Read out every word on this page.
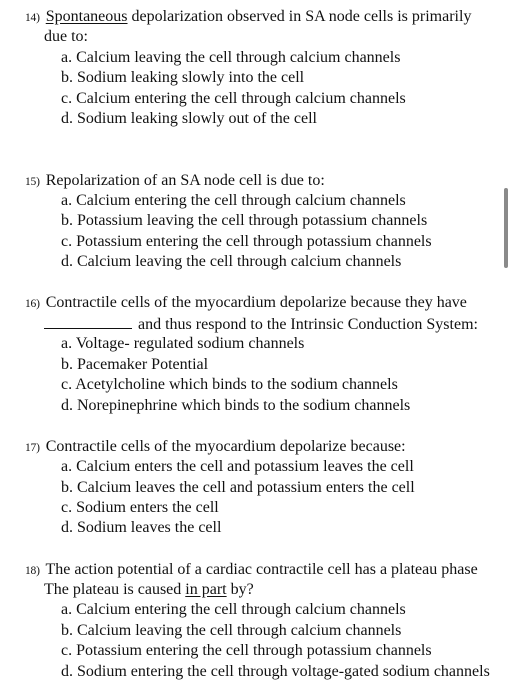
14) Spontaneous depolarization observed in SA node cells is primarily
due to:
a. Calcium leaving the cell through calcium channels
b. Sodium leaking slowly into the cell
c. Calcium entering the cell through calcium channels
d. Sodium leaking slowly out of the cell
15) Repolarization of an SA node cell is due to:
a. Calcium entering the cell through calcium channels
b. Potassium leaving the cell through potassium channels
c. Potassium entering the cell through potassium channels
d. Calcium leaving the cell through calcium channels
16) Contractile cells of the myocardium depolarize because they have
and thus respond to the Intrinsic Conduction System:
a. Voltage- regulated sodium channels
b. Pacemaker Potential
c. Acetylcholine which binds to the sodium channels
d. Norepinephrine which binds to the sodium channels
17) Contractile cells of the myocardium depolarize because:
a. Calcium enters the cell and potassium leaves the cell
b. Calcium leaves the cell and potassium enters the cell
c. Sodium enters the cell
d. Sodium leaves the cell
18) The action potential of a cardiac contractile cell has a plateau phase
The plateau is caused in part by?
a. Calcium entering the cell through calcium channels
b. Calcium leaving the cell through calcium channels
c. Potassium entering the cell through potassium channels
d. Sodium entering the cell through voltage-gated sodium channels
